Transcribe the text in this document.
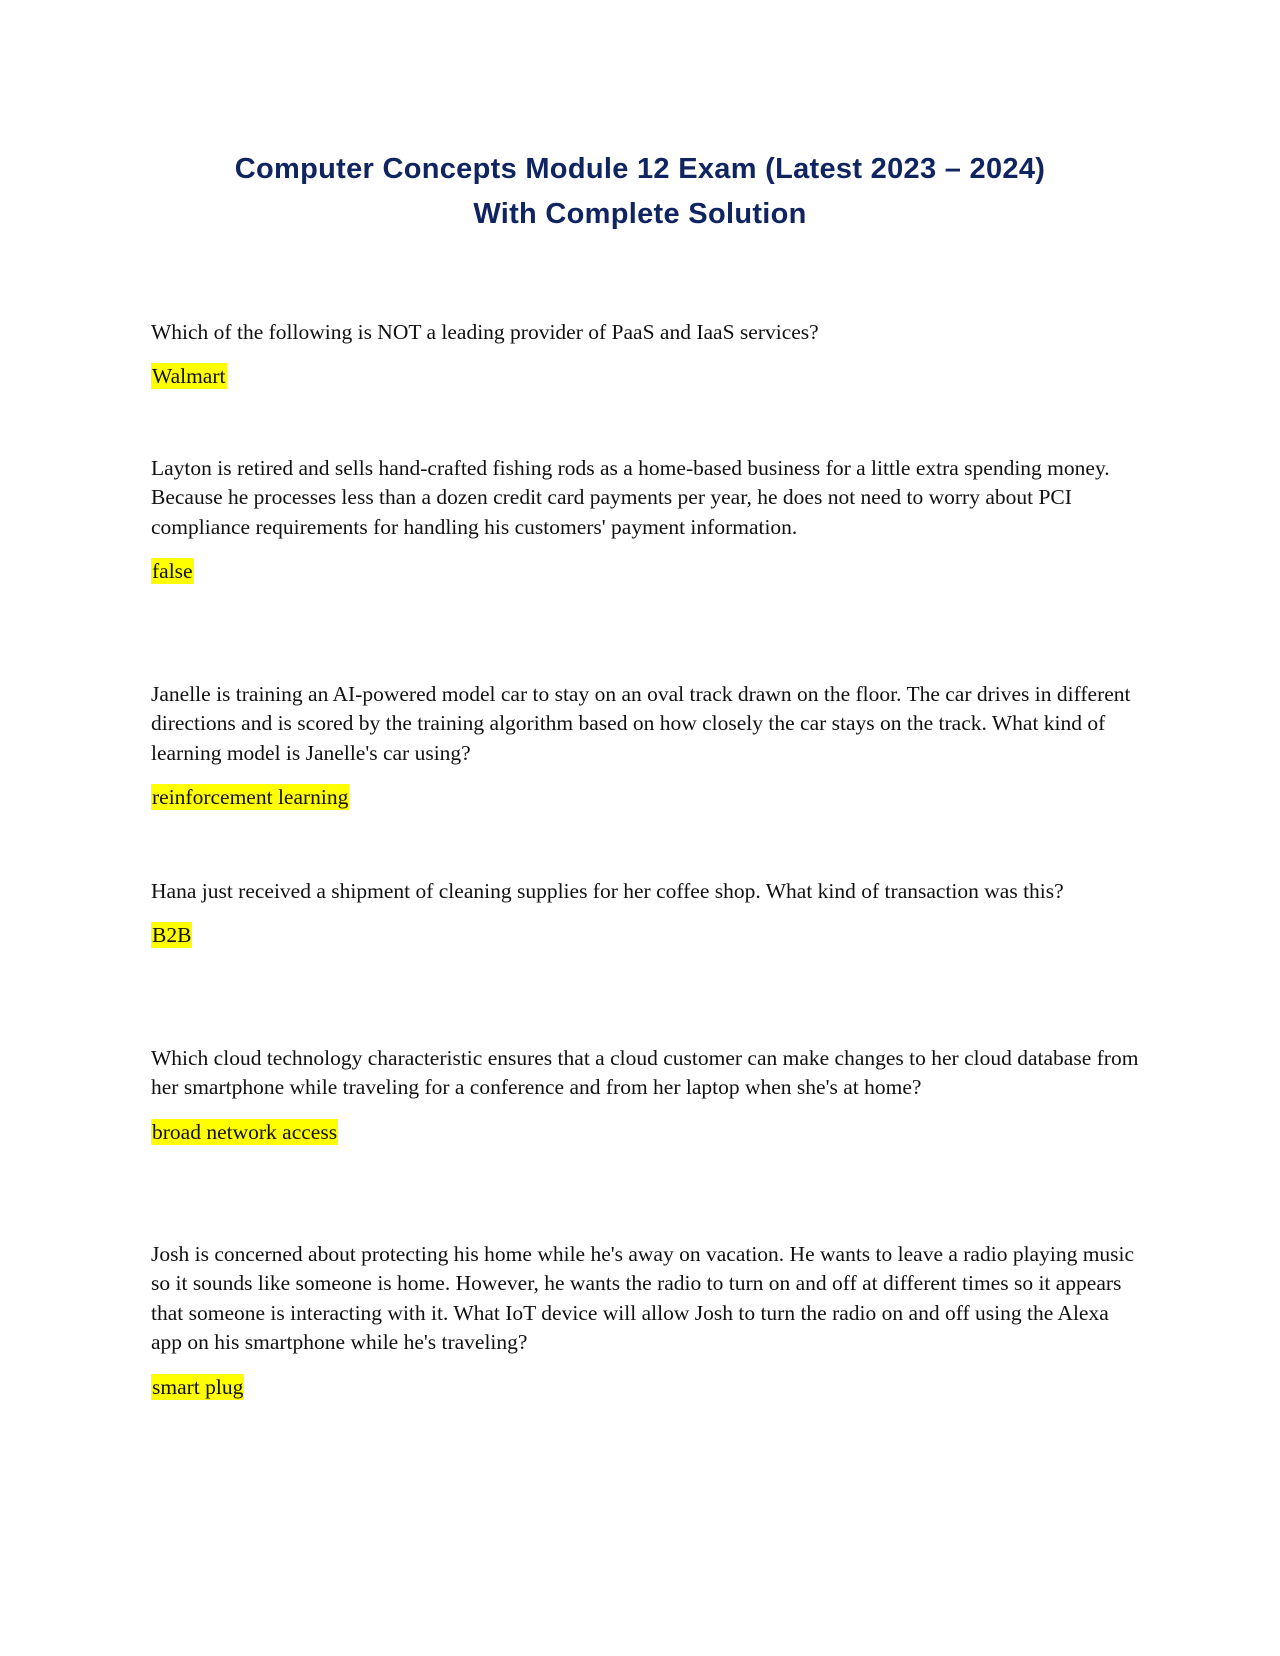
Computer Concepts Module 12 Exam (Latest 2023 – 2024)
With Complete Solution

Which of the following is NOT a leading provider of PaaS and IaaS services?

Walmart

Layton is retired and sells hand-crafted fishing rods as a home-based business for a little extra spending money. Because he processes less than a dozen credit card payments per year, he does not need to worry about PCI compliance requirements for handling his customers' payment information.

false

Janelle is training an AI-powered model car to stay on an oval track drawn on the floor. The car drives in different directions and is scored by the training algorithm based on how closely the car stays on the track. What kind of learning model is Janelle's car using?

reinforcement learning

Hana just received a shipment of cleaning supplies for her coffee shop. What kind of transaction was this?

B2B

Which cloud technology characteristic ensures that a cloud customer can make changes to her cloud database from her smartphone while traveling for a conference and from her laptop when she's at home?

broad network access

Josh is concerned about protecting his home while he's away on vacation. He wants to leave a radio playing music so it sounds like someone is home. However, he wants the radio to turn on and off at different times so it appears that someone is interacting with it. What IoT device will allow Josh to turn the radio on and off using the Alexa app on his smartphone while he's traveling?

smart plug
